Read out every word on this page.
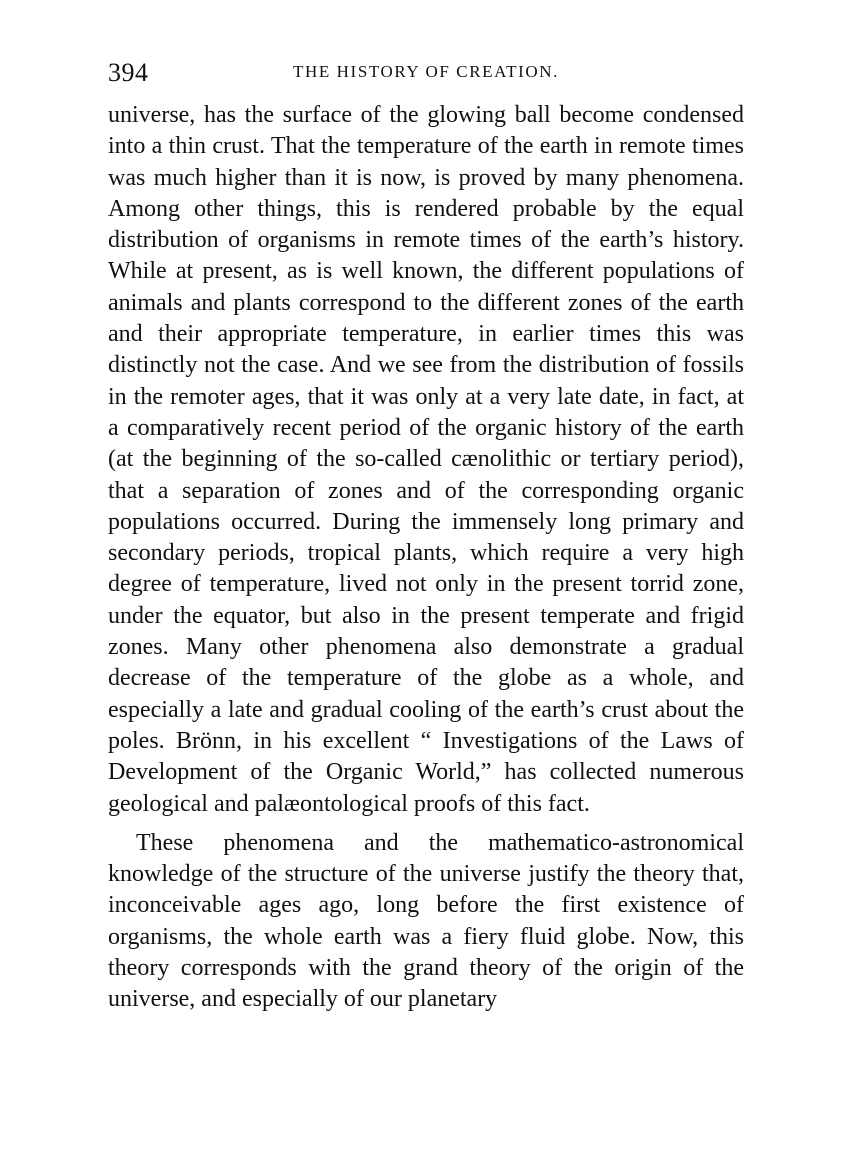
394	THE HISTORY OF CREATION.

universe, has the surface of the glowing ball become condensed into a thin crust. That the temperature of the earth in remote times was much higher than it is now, is proved by many phenomena. Among other things, this is rendered probable by the equal distribution of organisms in remote times of the earth’s history. While at present, as is well known, the different populations of animals and plants correspond to the different zones of the earth and their appropriate temperature, in earlier times this was distinctly not the case. And we see from the distribution of fossils in the remoter ages, that it was only at a very late date, in fact, at a comparatively recent period of the organic history of the earth (at the beginning of the so-called cænolithic or tertiary period), that a separation of zones and of the corresponding organic populations occurred. During the immensely long primary and secondary periods, tropical plants, which require a very high degree of temperature, lived not only in the present torrid zone, under the equator, but also in the present temperate and frigid zones. Many other phenomena also demonstrate a gradual decrease of the temperature of the globe as a whole, and especially a late and gradual cooling of the earth’s crust about the poles. Brönn, in his excellent “ Investigations of the Laws of Development of the Organic World,” has collected numerous geological and palæontological proofs of this fact.

These phenomena and the mathematico-astronomical knowledge of the structure of the universe justify the theory that, inconceivable ages ago, long before the first existence of organisms, the whole earth was a fiery fluid globe. Now, this theory corresponds with the grand theory of the origin of the universe, and especially of our planetary
